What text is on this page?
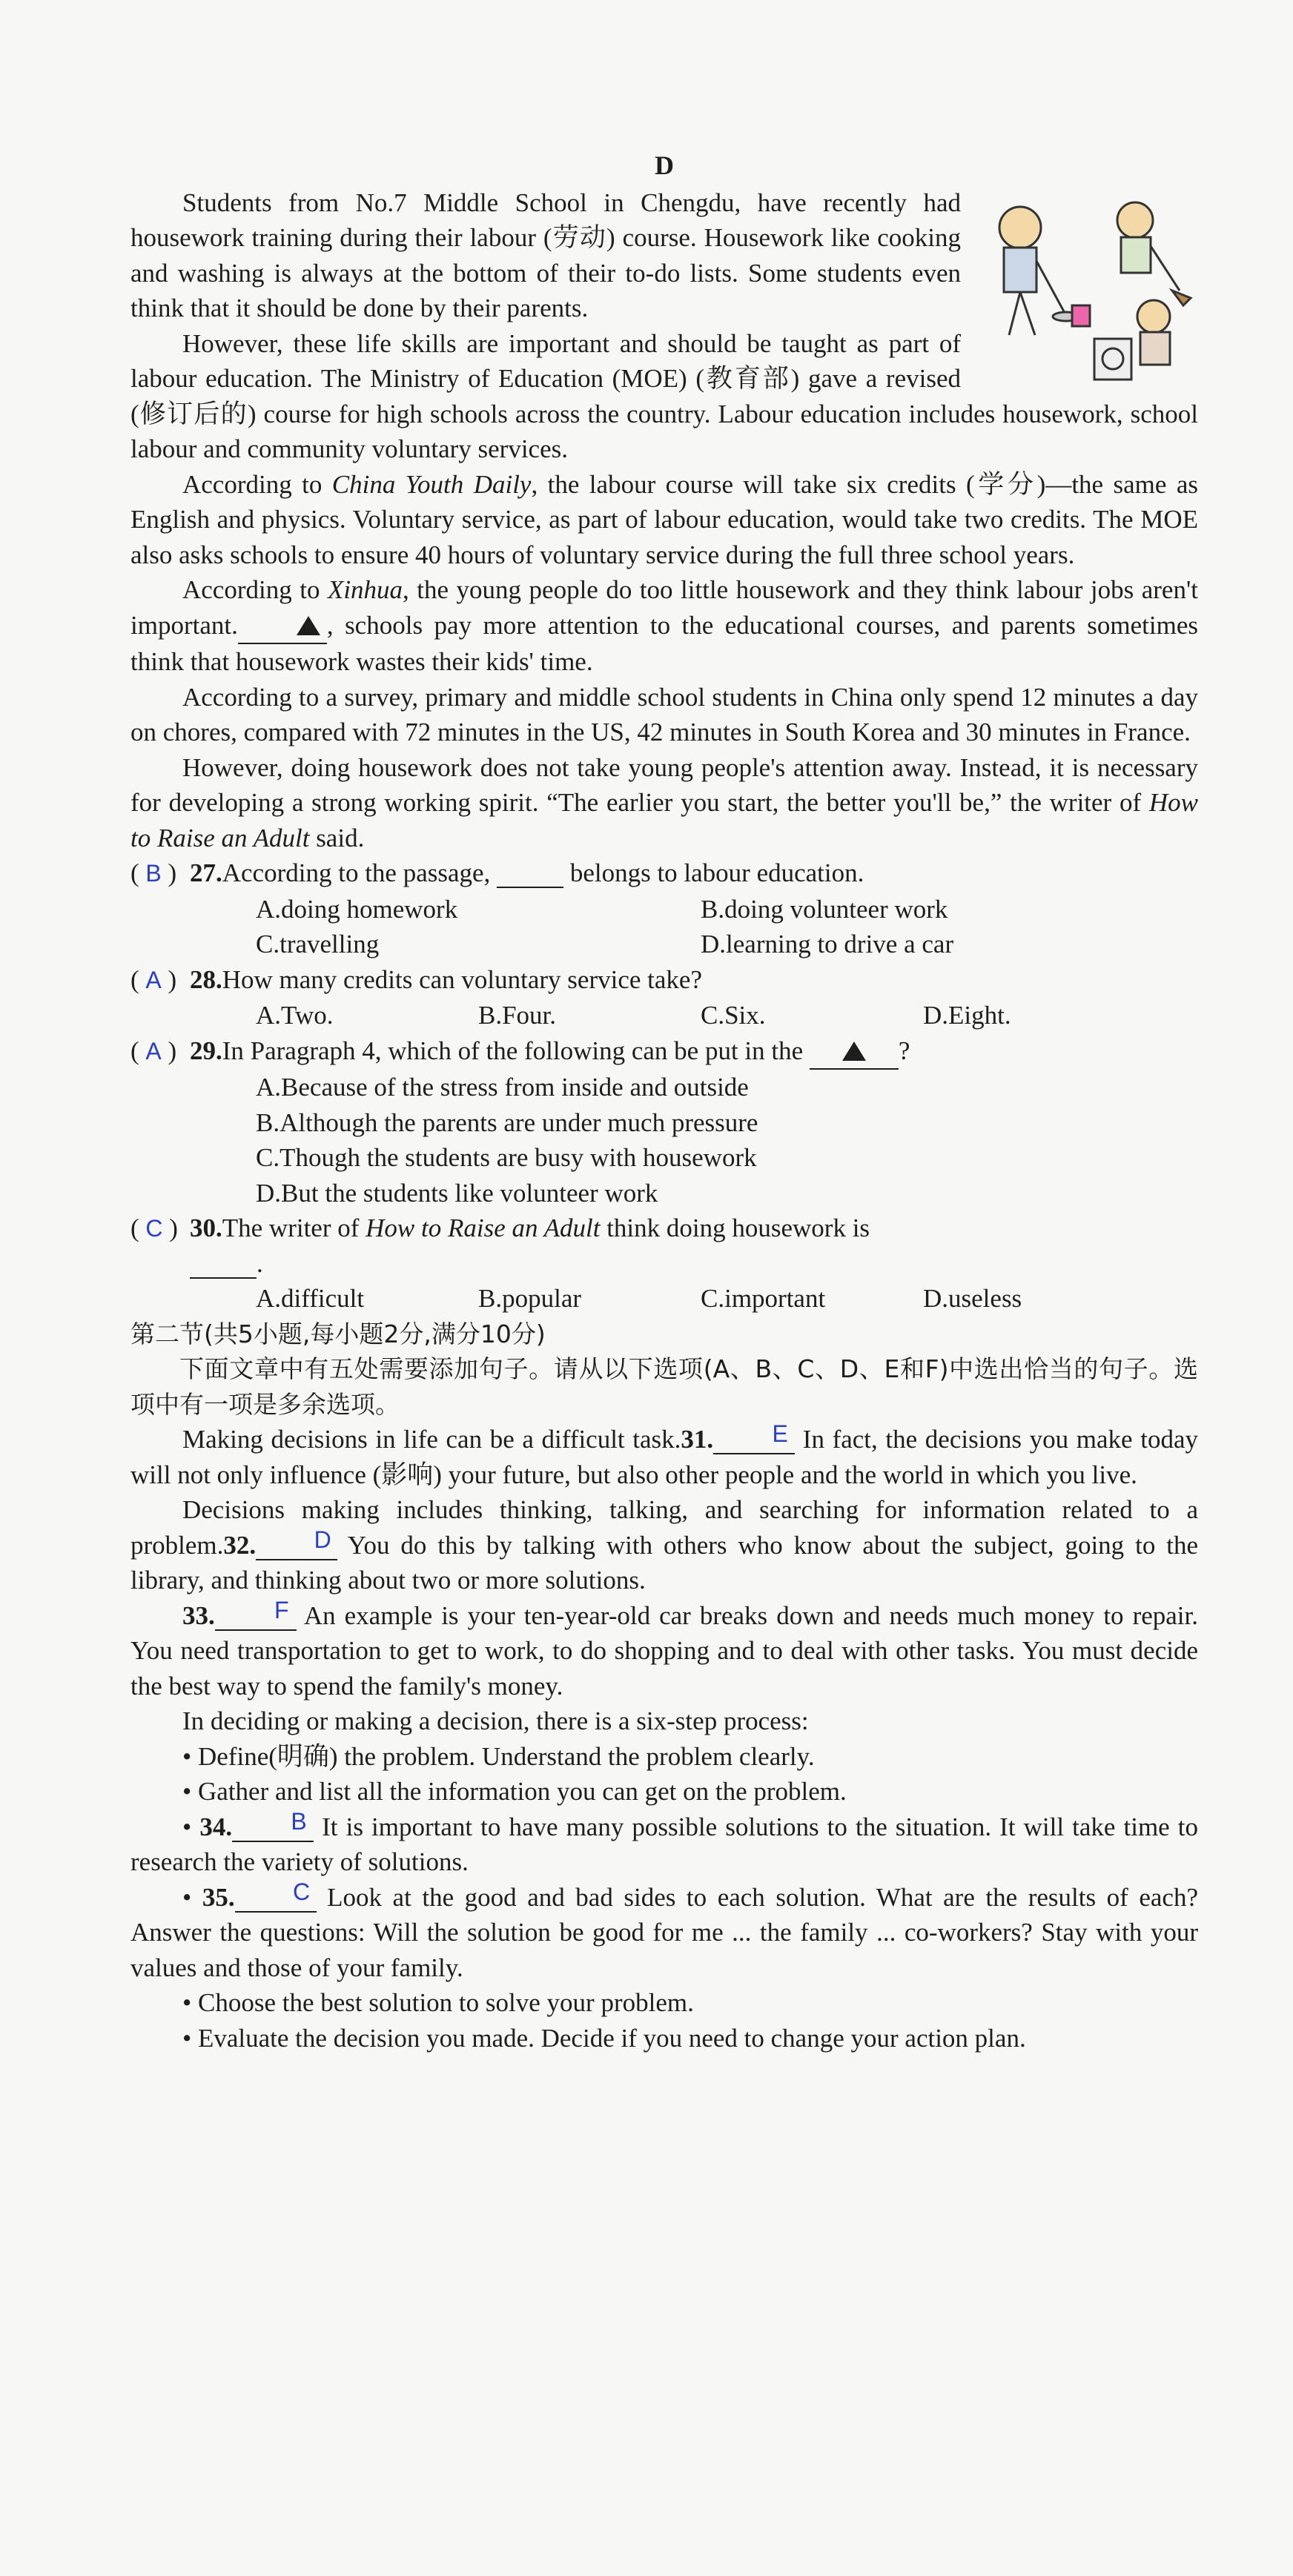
D

Students from No.7 Middle School in Chengdu, have recently had housework training during their labour (劳动) course. Housework like cooking and washing is always at the bottom of their to-do lists. Some students even think that it should be done by their parents.

However, these life skills are important and should be taught as part of labour education. The Ministry of Education (MOE) (教育部) gave a revised (修订后的) course for high schools across the country. Labour education includes housework, school labour and community voluntary services.

According to China Youth Daily, the labour course will take six credits (学分)—the same as English and physics. Voluntary service, as part of labour education, would take two credits. The MOE also asks schools to ensure 40 hours of voluntary service during the full three school years.

According to Xinhua, the young people do too little housework and they think labour jobs aren't important.	, schools pay more attention to the educational courses, and parents sometimes think that housework wastes their kids' time.

According to a survey, primary and middle school students in China only spend 12 minutes a day on chores, compared with 72 minutes in the US, 42 minutes in South Korea and 30 minutes in France.

However, doing housework does not take young people's attention away. Instead, it is necessary for developing a strong working spirit. “The earlier you start, the better you'll be,” the writer of How to Raise an Adult said.

( B ) 27.According to the passage,	belongs to labour education.
A.doing homework	B.doing volunteer work
C.travelling	D.learning to drive a car
( A ) 28.How many credits can voluntary service take?
A.Two.	B.Four.	C.Six.	D.Eight.
( A ) 29.In Paragraph 4, which of the following can be put in the	?
A.Because of the stress from inside and outside
B.Although the parents are under much pressure
C.Though the students are busy with housework
D.But the students like volunteer work
( C ) 30.The writer of How to Raise an Adult think doing housework is
.
A.difficult	B.popular	C.important	D.useless
第二节(共5小题,每小题2分,满分10分)
下面文章中有五处需要添加句子。请从以下选项(A、B、C、D、E和F)中选出恰当的句子。选项中有一项是多余选项。

Making decisions in life can be a difficult task.31. E In fact, the decisions you make today will not only influence (影响) your future, but also other people and the world in which you live.

Decisions making includes thinking, talking, and searching for information related to a problem.32. D You do this by talking with others who know about the subject, going to the library, and thinking about two or more solutions.

33.	F An example is your ten-year-old car breaks down and needs much money to repair. You need transportation to get to work, to do shopping and to deal with other tasks. You must decide the best way to spend the family's money.

In deciding or making a decision, there is a six-step process:

• Define(明确) the problem. Understand the problem clearly.

• Gather and list all the information you can get on the problem.

• 34. B It is important to have many possible solutions to the situation. It will take time to research the variety of solutions.

• 35. C Look at the good and bad sides to each solution. What are the results of each? Answer the questions: Will the solution be good for me ... the family ... co-workers? Stay with your values and those of your family.

• Choose the best solution to solve your problem.

• Evaluate the decision you made. Decide if you need to change your action plan.
